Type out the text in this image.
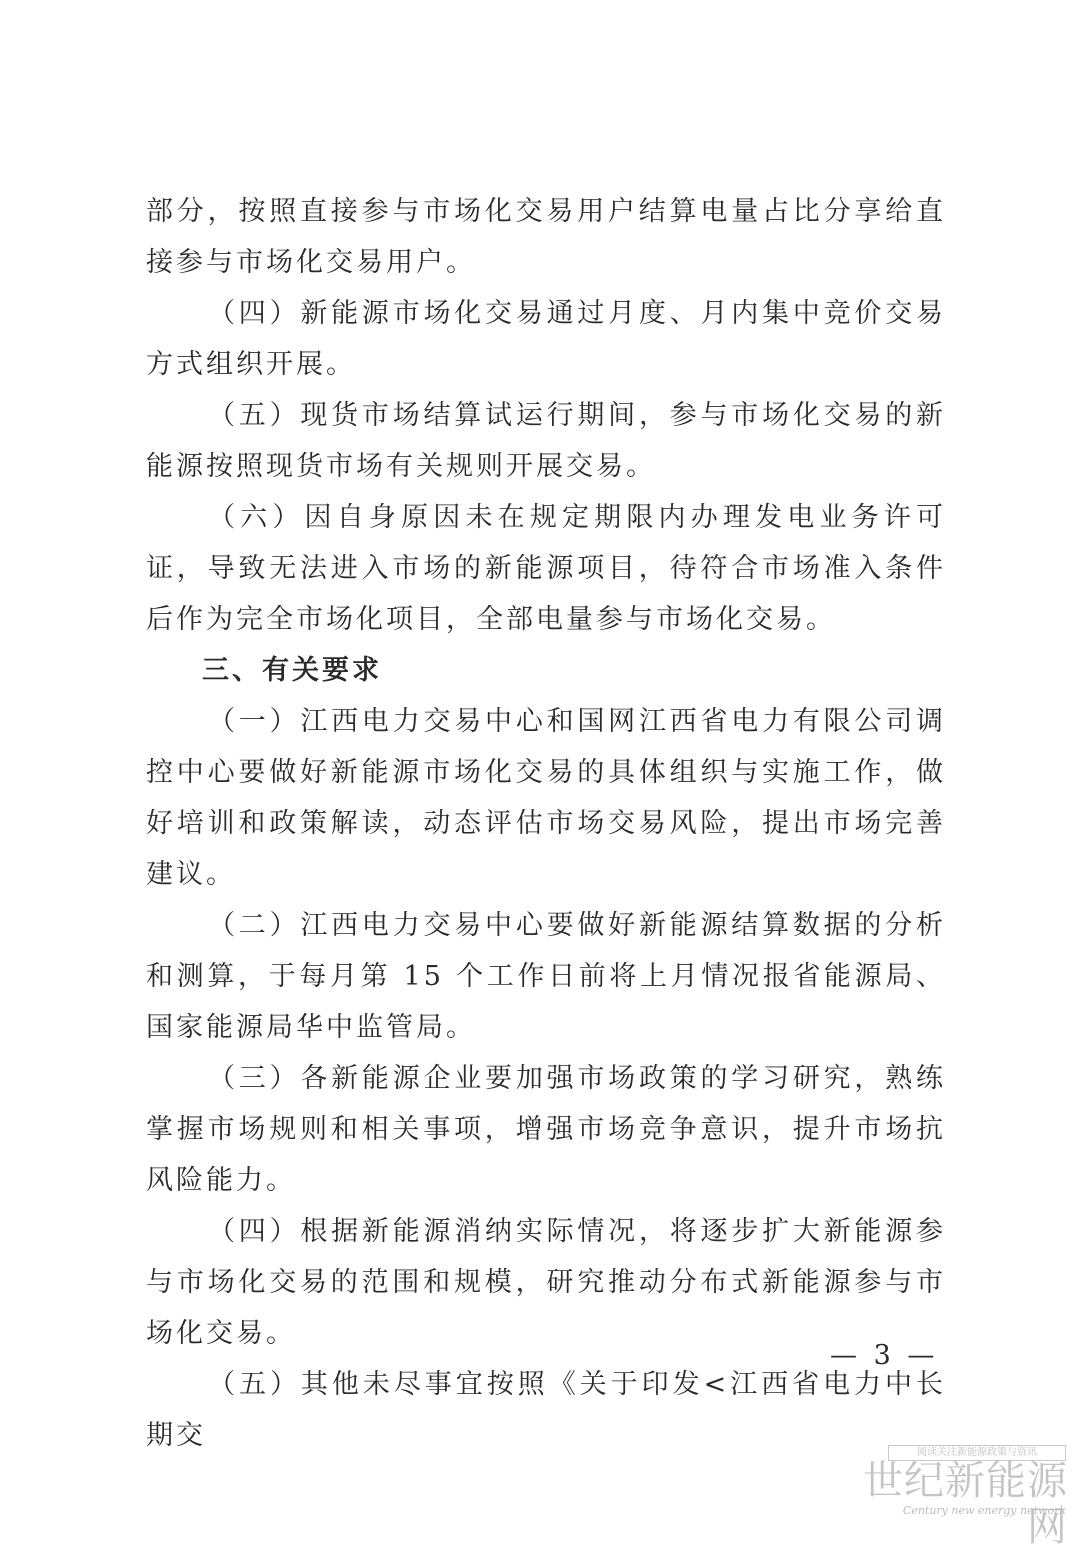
部分，按照直接参与市场化交易用户结算电量占比分享给直接参与市场化交易用户。

（四）新能源市场化交易通过月度、月内集中竞价交易方式组织开展。

（五）现货市场结算试运行期间，参与市场化交易的新能源按照现货市场有关规则开展交易。

（六）因自身原因未在规定期限内办理发电业务许可证，导致无法进入市场的新能源项目，待符合市场准入条件后作为完全市场化项目，全部电量参与市场化交易。

三、有关要求

（一）江西电力交易中心和国网江西省电力有限公司调控中心要做好新能源市场化交易的具体组织与实施工作，做好培训和政策解读，动态评估市场交易风险，提出市场完善建议。

（二）江西电力交易中心要做好新能源结算数据的分析和测算，于每月第 15 个工作日前将上月情况报省能源局、国家能源局华中监管局。

（三）各新能源企业要加强市场政策的学习研究，熟练掌握市场规则和相关事项，增强市场竞争意识，提升市场抗风险能力。

（四）根据新能源消纳实际情况，将逐步扩大新能源参与市场化交易的范围和规模，研究推动分布式新能源参与市场化交易。

（五）其他未尽事宜按照《关于印发<江西省电力中长期交

— 3 —
阅读关注新能源政策与资讯
世纪新能源网
Century new energy network
